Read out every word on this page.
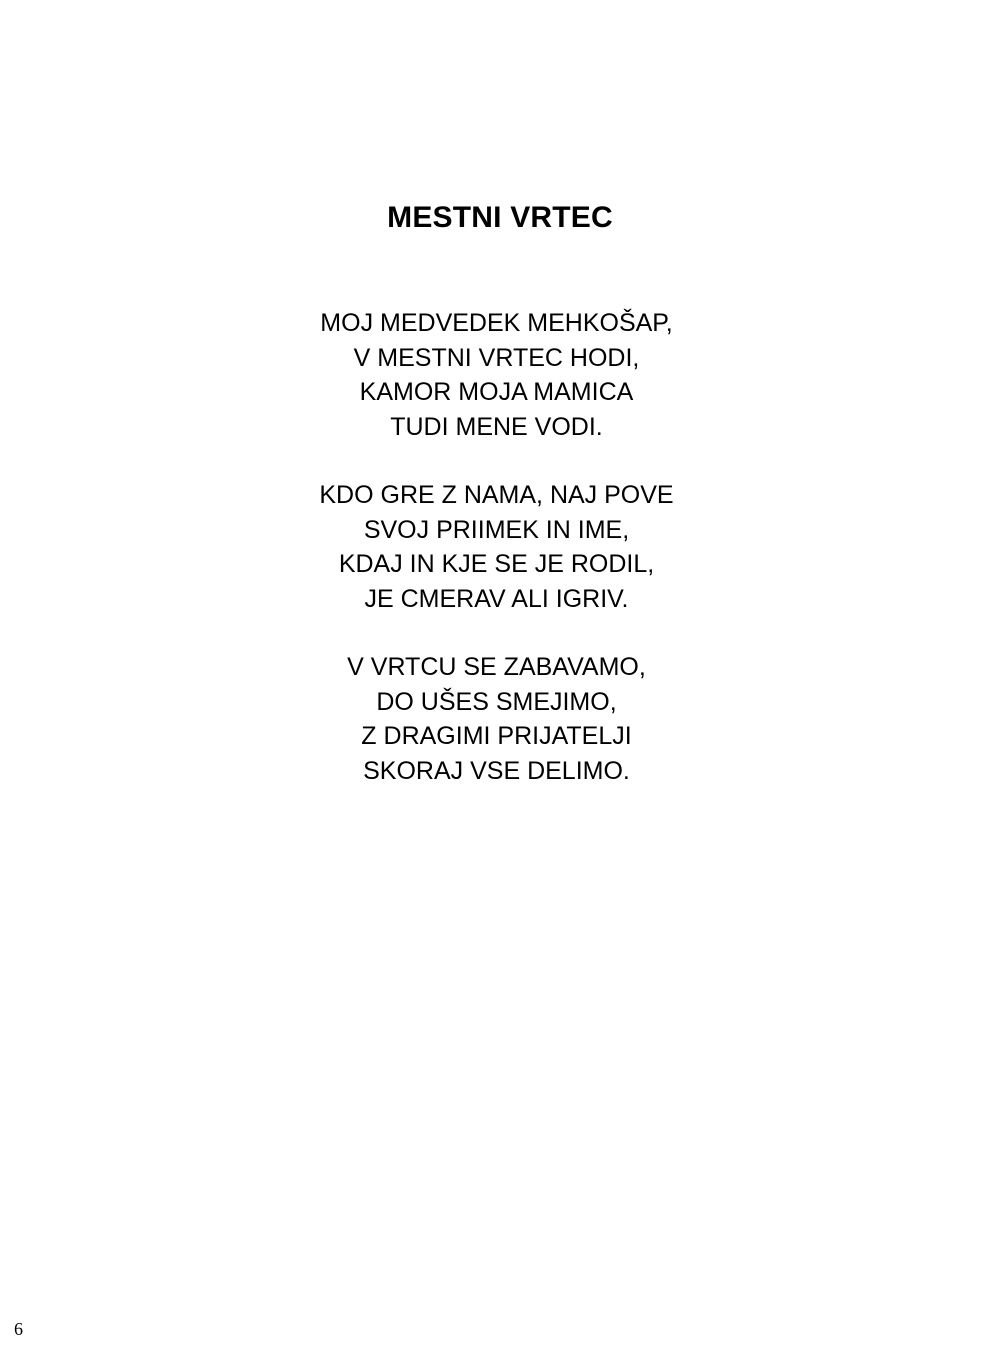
MESTNI VRTEC
MOJ MEDVEDEK MEHKOŠAP,
V MESTNI VRTEC HODI,
KAMOR MOJA MAMICA
TUDI MENE VODI.
KDO GRE Z NAMA, NAJ POVE
SVOJ PRIIMEK IN IME,
KDAJ IN KJE SE JE RODIL,
JE CMERAV ALI IGRIV.
V VRTCU SE ZABAVAMO,
DO UŠES SMEJIMO,
Z DRAGIMI PRIJATELJI
SKORAJ VSE DELIMO.
6
